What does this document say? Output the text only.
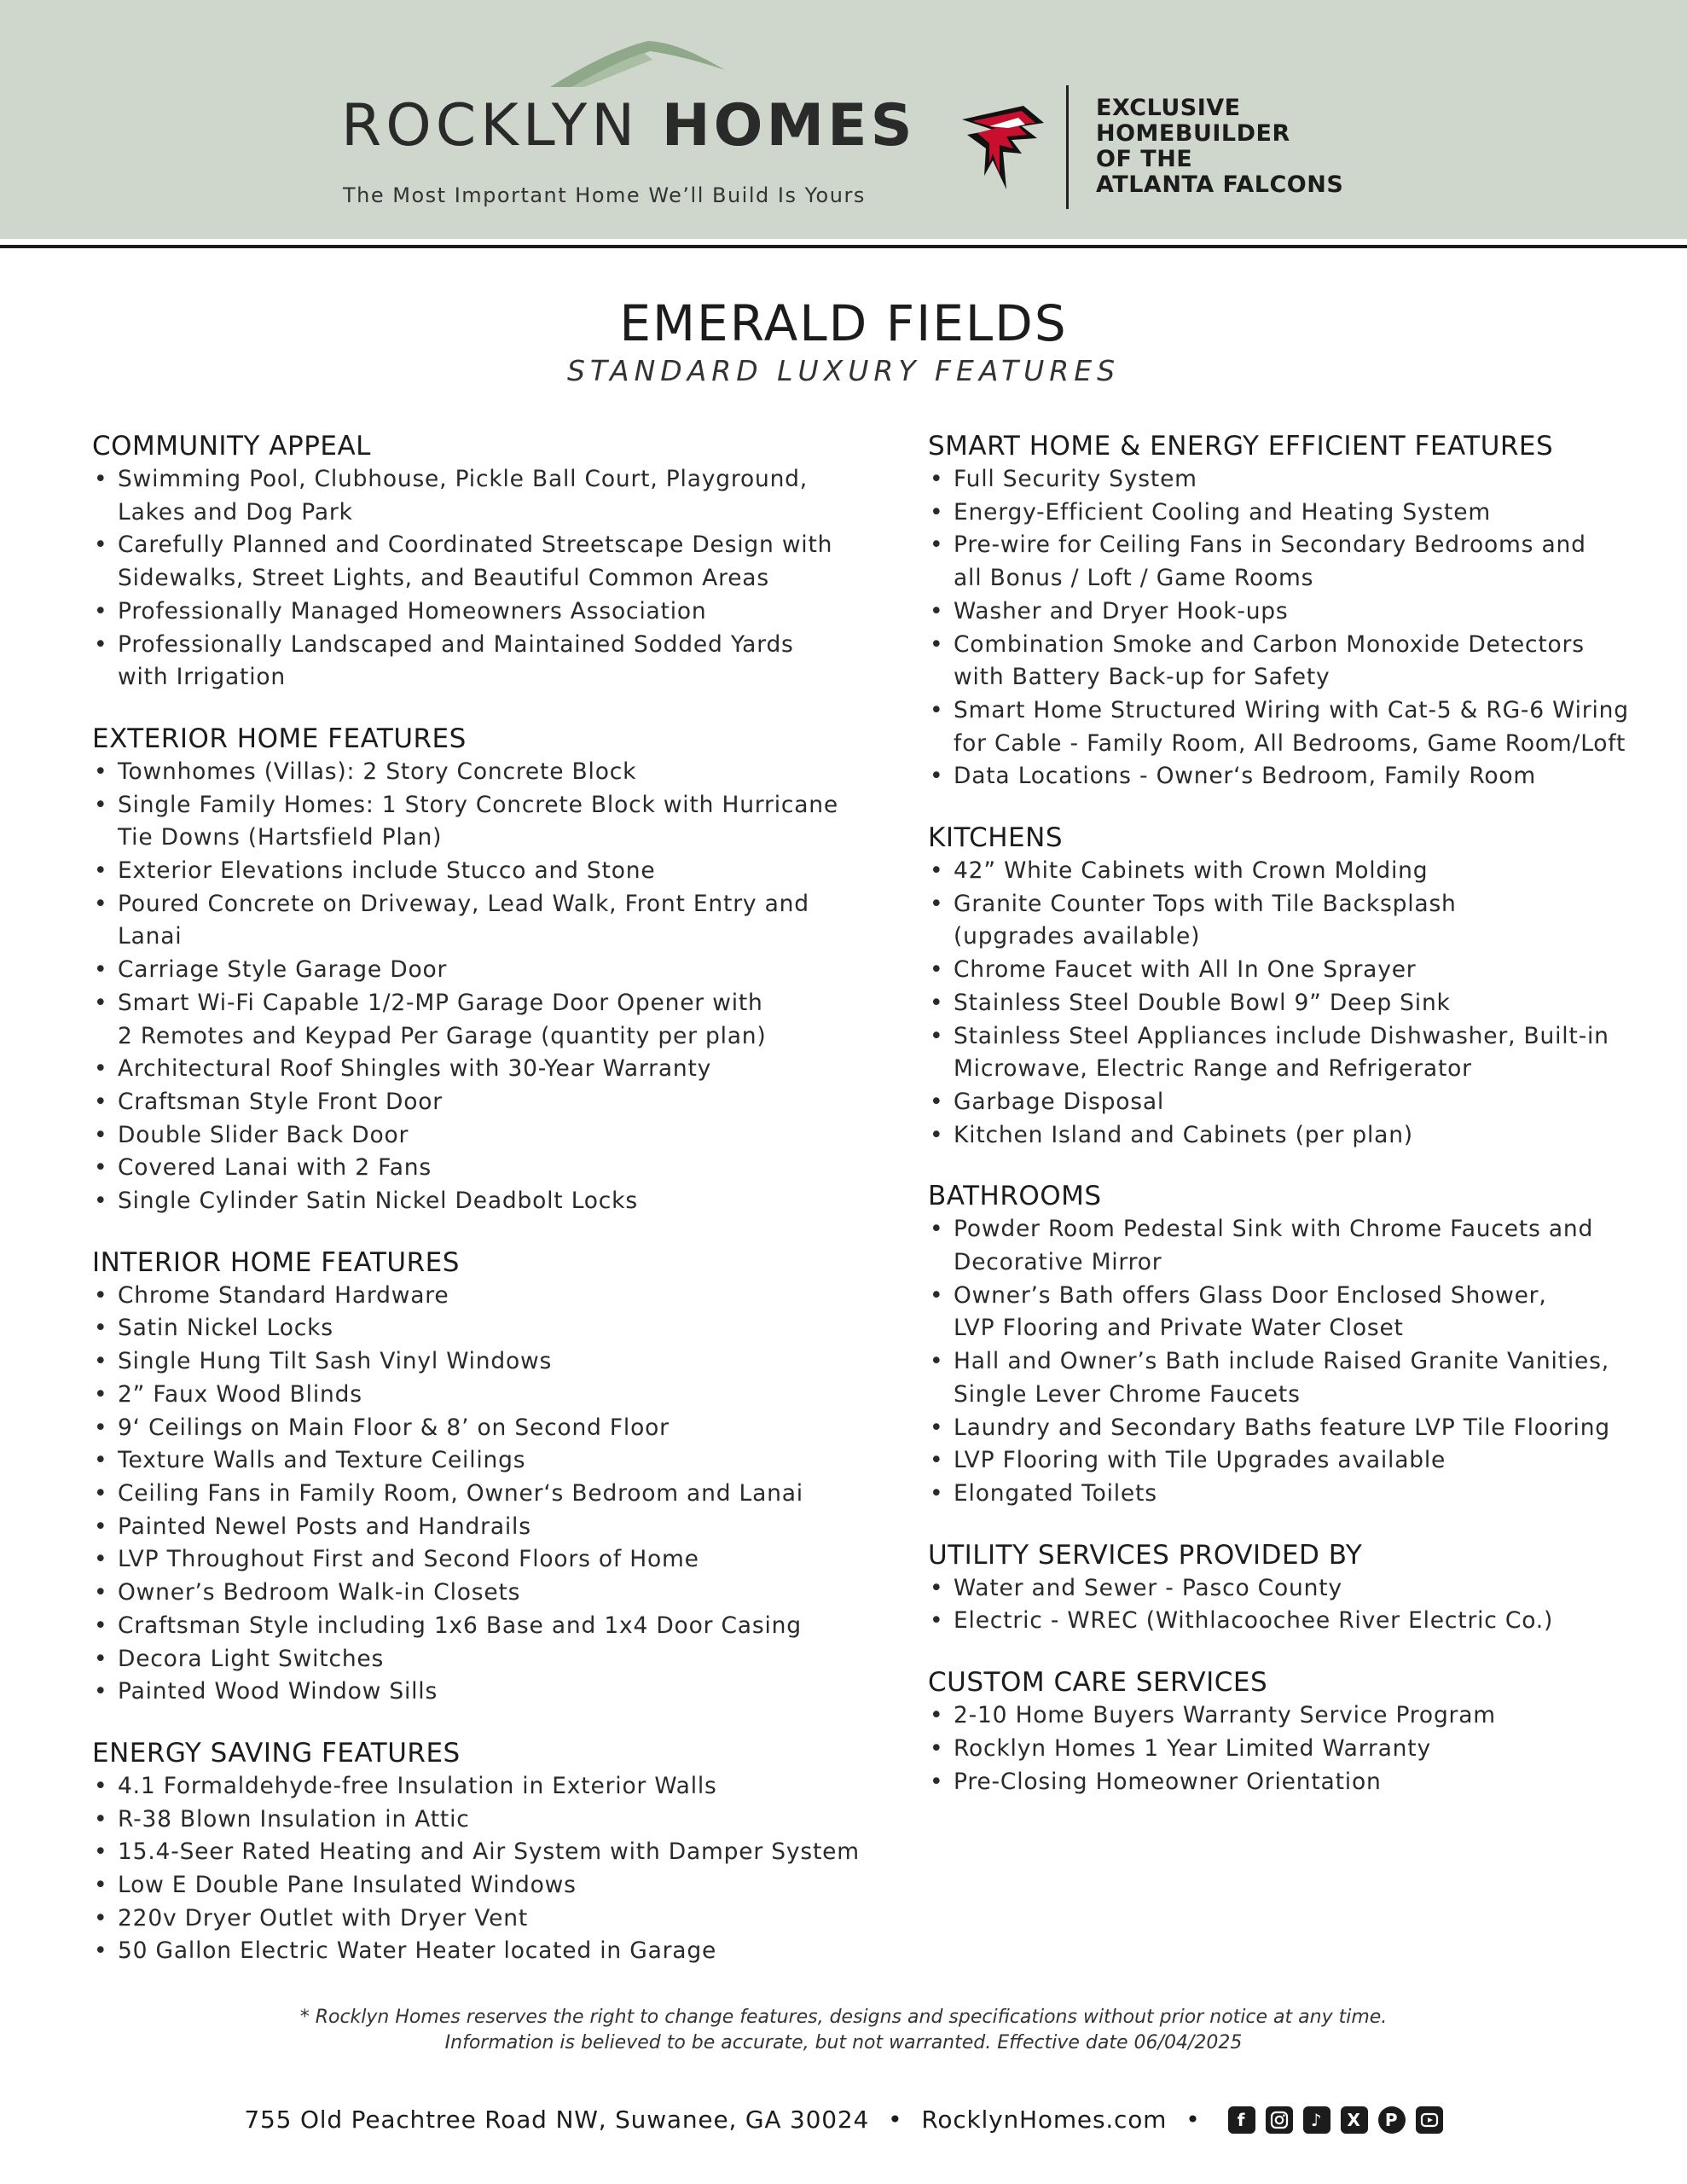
ROCKLYN HOMES
The Most Important Home We’ll Build Is Yours
EXCLUSIVE
HOMEBUILDER
OF THE
ATLANTA FALCONS
EMERALD FIELDS
STANDARD LUXURY FEATURES
COMMUNITY APPEAL
• Swimming Pool, Clubhouse, Pickle Ball Court, Playground,
Lakes and Dog Park
• Carefully Planned and Coordinated Streetscape Design with
Sidewalks, Street Lights, and Beautiful Common Areas
• Professionally Managed Homeowners Association
• Professionally Landscaped and Maintained Sodded Yards
with Irrigation
EXTERIOR HOME FEATURES
• Townhomes (Villas): 2 Story Concrete Block
• Single Family Homes: 1 Story Concrete Block with Hurricane
Tie Downs (Hartsfield Plan)
• Exterior Elevations include Stucco and Stone
• Poured Concrete on Driveway, Lead Walk, Front Entry and Lanai
• Carriage Style Garage Door
• Smart Wi-Fi Capable 1/2-MP Garage Door Opener with
2 Remotes and Keypad Per Garage (quantity per plan)
• Architectural Roof Shingles with 30-Year Warranty
• Craftsman Style Front Door
• Double Slider Back Door
• Covered Lanai with 2 Fans
• Single Cylinder Satin Nickel Deadbolt Locks
INTERIOR HOME FEATURES
• Chrome Standard Hardware
• Satin Nickel Locks
• Single Hung Tilt Sash Vinyl Windows
• 2” Faux Wood Blinds
• 9‘ Ceilings on Main Floor & 8’ on Second Floor
• Texture Walls and Texture Ceilings
• Ceiling Fans in Family Room, Owner‘s Bedroom and Lanai
• Painted Newel Posts and Handrails
• LVP Throughout First and Second Floors of Home
• Owner’s Bedroom Walk-in Closets
• Craftsman Style including 1x6 Base and 1x4 Door Casing
• Decora Light Switches
• Painted Wood Window Sills
ENERGY SAVING FEATURES
• 4.1 Formaldehyde-free Insulation in Exterior Walls
• R-38 Blown Insulation in Attic
• 15.4-Seer Rated Heating and Air System with Damper System
• Low E Double Pane Insulated Windows
• 220v Dryer Outlet with Dryer Vent
• 50 Gallon Electric Water Heater located in Garage
SMART HOME & ENERGY EFFICIENT FEATURES
• Full Security System
• Energy-Efficient Cooling and Heating System
• Pre-wire for Ceiling Fans in Secondary Bedrooms and
all Bonus / Loft / Game Rooms
• Washer and Dryer Hook-ups
• Combination Smoke and Carbon Monoxide Detectors
with Battery Back-up for Safety
• Smart Home Structured Wiring with Cat-5 & RG-6 Wiring
for Cable - Family Room, All Bedrooms, Game Room/Loft
• Data Locations - Owner‘s Bedroom, Family Room
KITCHENS
• 42” White Cabinets with Crown Molding
• Granite Counter Tops with Tile Backsplash
(upgrades available)
• Chrome Faucet with All In One Sprayer
• Stainless Steel Double Bowl 9” Deep Sink
• Stainless Steel Appliances include Dishwasher, Built-in
Microwave, Electric Range and Refrigerator
• Garbage Disposal
• Kitchen Island and Cabinets (per plan)
BATHROOMS
• Powder Room Pedestal Sink with Chrome Faucets and
Decorative Mirror
• Owner’s Bath offers Glass Door Enclosed Shower,
LVP Flooring and Private Water Closet
• Hall and Owner’s Bath include Raised Granite Vanities,
Single Lever Chrome Faucets
• Laundry and Secondary Baths feature LVP Tile Flooring
• LVP Flooring with Tile Upgrades available
• Elongated Toilets
UTILITY SERVICES PROVIDED BY
• Water and Sewer - Pasco County
• Electric - WREC (Withlacoochee River Electric Co.)
CUSTOM CARE SERVICES
• 2-10 Home Buyers Warranty Service Program
• Rocklyn Homes 1 Year Limited Warranty
• Pre-Closing Homeowner Orientation
* Rocklyn Homes reserves the right to change features, designs and specifications without prior notice at any time.
Information is believed to be accurate, but not warranted. Effective date 06/04/2025
755 Old Peachtree Road NW, Suwanee, GA 30024 • RocklynHomes.com •	f	♪	X	P
